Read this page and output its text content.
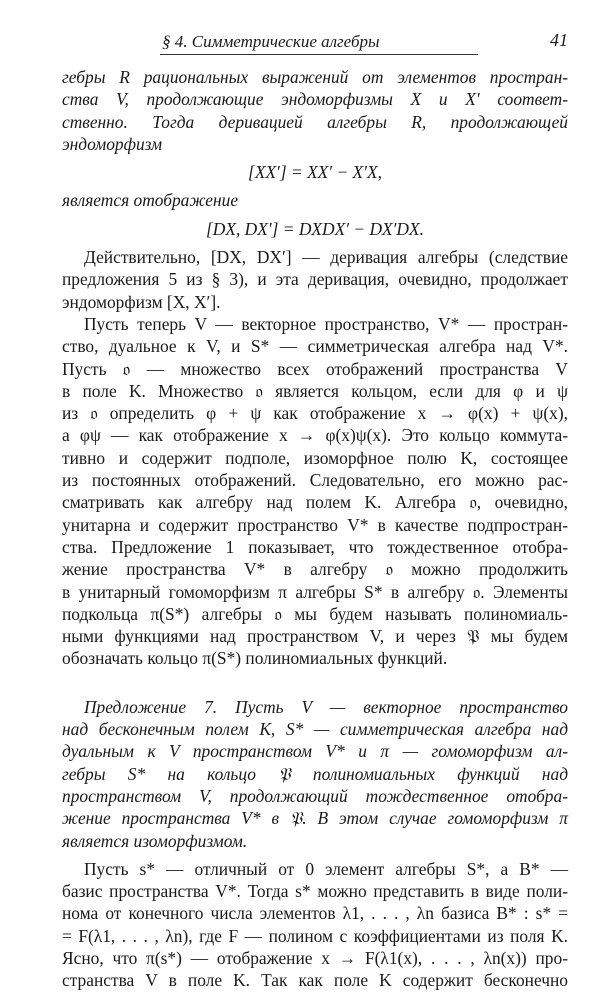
§ 4. Симметрические алгебры	41
гебры R рациональных выражений от элементов простран-
ства V, продолжающие эндоморфизмы X и X′ соответ-
ственно. Тогда деривацией алгебры R, продолжающей
эндоморфизм
[XX′] = XX′ − X′X,
является отображение
[DX, DX′] = DXDX′ − DX′DX.
Действительно, [DX, DX′] — деривация алгебры (следствие
предложения 5 из § 3), и эта деривация, очевидно, продолжает
эндоморфизм [X, X′].
Пусть теперь V — векторное пространство, V* — простран-
ство, дуальное к V, и S* — симметрическая алгебра над V*.
Пусть 𝔬 — множество всех отображений пространства V
в поле K. Множество 𝔬 является кольцом, если для φ и ψ
из 𝔬 определить φ + ψ как отображение x → φ(x) + ψ(x),
а φψ — как отображение x → φ(x)ψ(x). Это кольцо коммута-
тивно и содержит подполе, изоморфное полю K, состоящее
из постоянных отображений. Следовательно, его можно рас-
сматривать как алгебру над полем K. Алгебра 𝔬, очевидно,
унитарна и содержит пространство V* в качестве подпростран-
ства. Предложение 1 показывает, что тождественное отобра-
жение пространства V* в алгебру 𝔬 можно продолжить
в унитарный гомоморфизм π алгебры S* в алгебру 𝔬. Элементы
подкольца π(S*) алгебры 𝔬 мы будем называть полиномиаль-
ными функциями над пространством V, и через 𝔓 мы будем
обозначать кольцо π(S*) полиномиальных функций.
Предложение 7. Пусть V — векторное пространство
над бесконечным полем K, S* — симметрическая алгебра над
дуальным к V пространством V* и π — гомоморфизм ал-
гебры S* на кольцо 𝔓 полиномиальных функций над
пространством V, продолжающий тождественное отобра-
жение пространства V* в 𝔓. В этом случае гомоморфизм π
является изоморфизмом.
Пусть s* — отличный от 0 элемент алгебры S*, а B* —
базис пространства V*. Тогда s* можно представить в виде поли-
нома от конечного числа элементов λ1, . . . , λn базиса B* : s* =
= F(λ1, . . . , λn), где F — полином с коэффициентами из поля K.
Ясно, что π(s*) — отображение x → F(λ1(x), . . . , λn(x)) про-
странства V в поле K. Так как поле K содержит бесконечно
